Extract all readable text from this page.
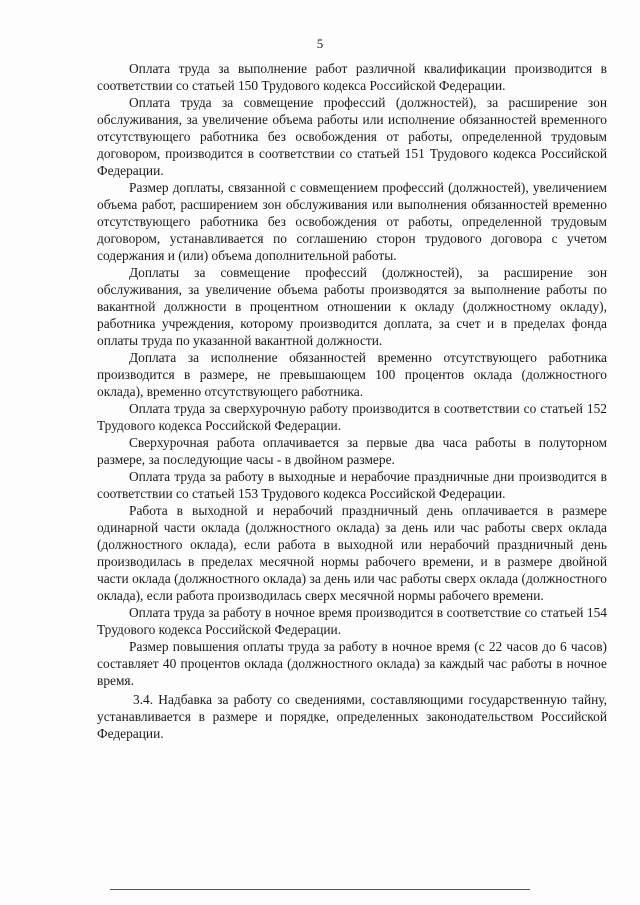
5

Оплата труда за выполнение работ различной квалификации производится в соответствии со статьей 150 Трудового кодекса Российской Федерации.

Оплата труда за совмещение профессий (должностей), за расширение зон обслуживания, за увеличение объема работы или исполнение обязанностей временного отсутствующего работника без освобождения от работы, определенной трудовым договором, производится в соответствии со статьей 151 Трудового кодекса Российской Федерации.

Размер доплаты, связанной с совмещением профессий (должностей), увеличением объема работ, расширением зон обслуживания или выполнения обязанностей временно отсутствующего работника без освобождения от работы, определенной трудовым договором, устанавливается по соглашению сторон трудового договора с учетом содержания и (или) объема дополнительной работы.

Доплаты за совмещение профессий (должностей), за расширение зон обслуживания, за увеличение объема работы производятся за выполнение работы по вакантной должности в процентном отношении к окладу (должностному окладу), работника учреждения, которому производится доплата, за счет и в пределах фонда оплаты труда по указанной вакантной должности.

Доплата за исполнение обязанностей временно отсутствующего работника производится в размере, не превышающем 100 процентов оклада (должностного оклада), временно отсутствующего работника.

Оплата труда за сверхурочную работу производится в соответствии со статьей 152 Трудового кодекса Российской Федерации.

Сверхурочная работа оплачивается за первые два часа работы в полуторном размере, за последующие часы - в двойном размере.

Оплата труда за работу в выходные и нерабочие праздничные дни производится в соответствии со статьей 153 Трудового кодекса Российской Федерации.

Работа в выходной и нерабочий праздничный день оплачивается в размере одинарной части оклада (должностного оклада) за день или час работы сверх оклада (должностного оклада), если работа в выходной или нерабочий праздничный день производилась в пределах месячной нормы рабочего времени, и в размере двойной части оклада (должностного оклада) за день или час работы сверх оклада (должностного оклада), если работа производилась сверх месячной нормы рабочего времени.

Оплата труда за работу в ночное время производится в соответствие со статьей 154 Трудового кодекса Российской Федерации.

Размер повышения оплаты труда за работу в ночное время (с 22 часов до 6 часов) составляет 40 процентов оклада (должностного оклада) за каждый час работы в ночное время.

3.4. Надбавка за работу со сведениями, составляющими государственную тайну, устанавливается в размере и порядке, определенных законодательством Российской Федерации.
